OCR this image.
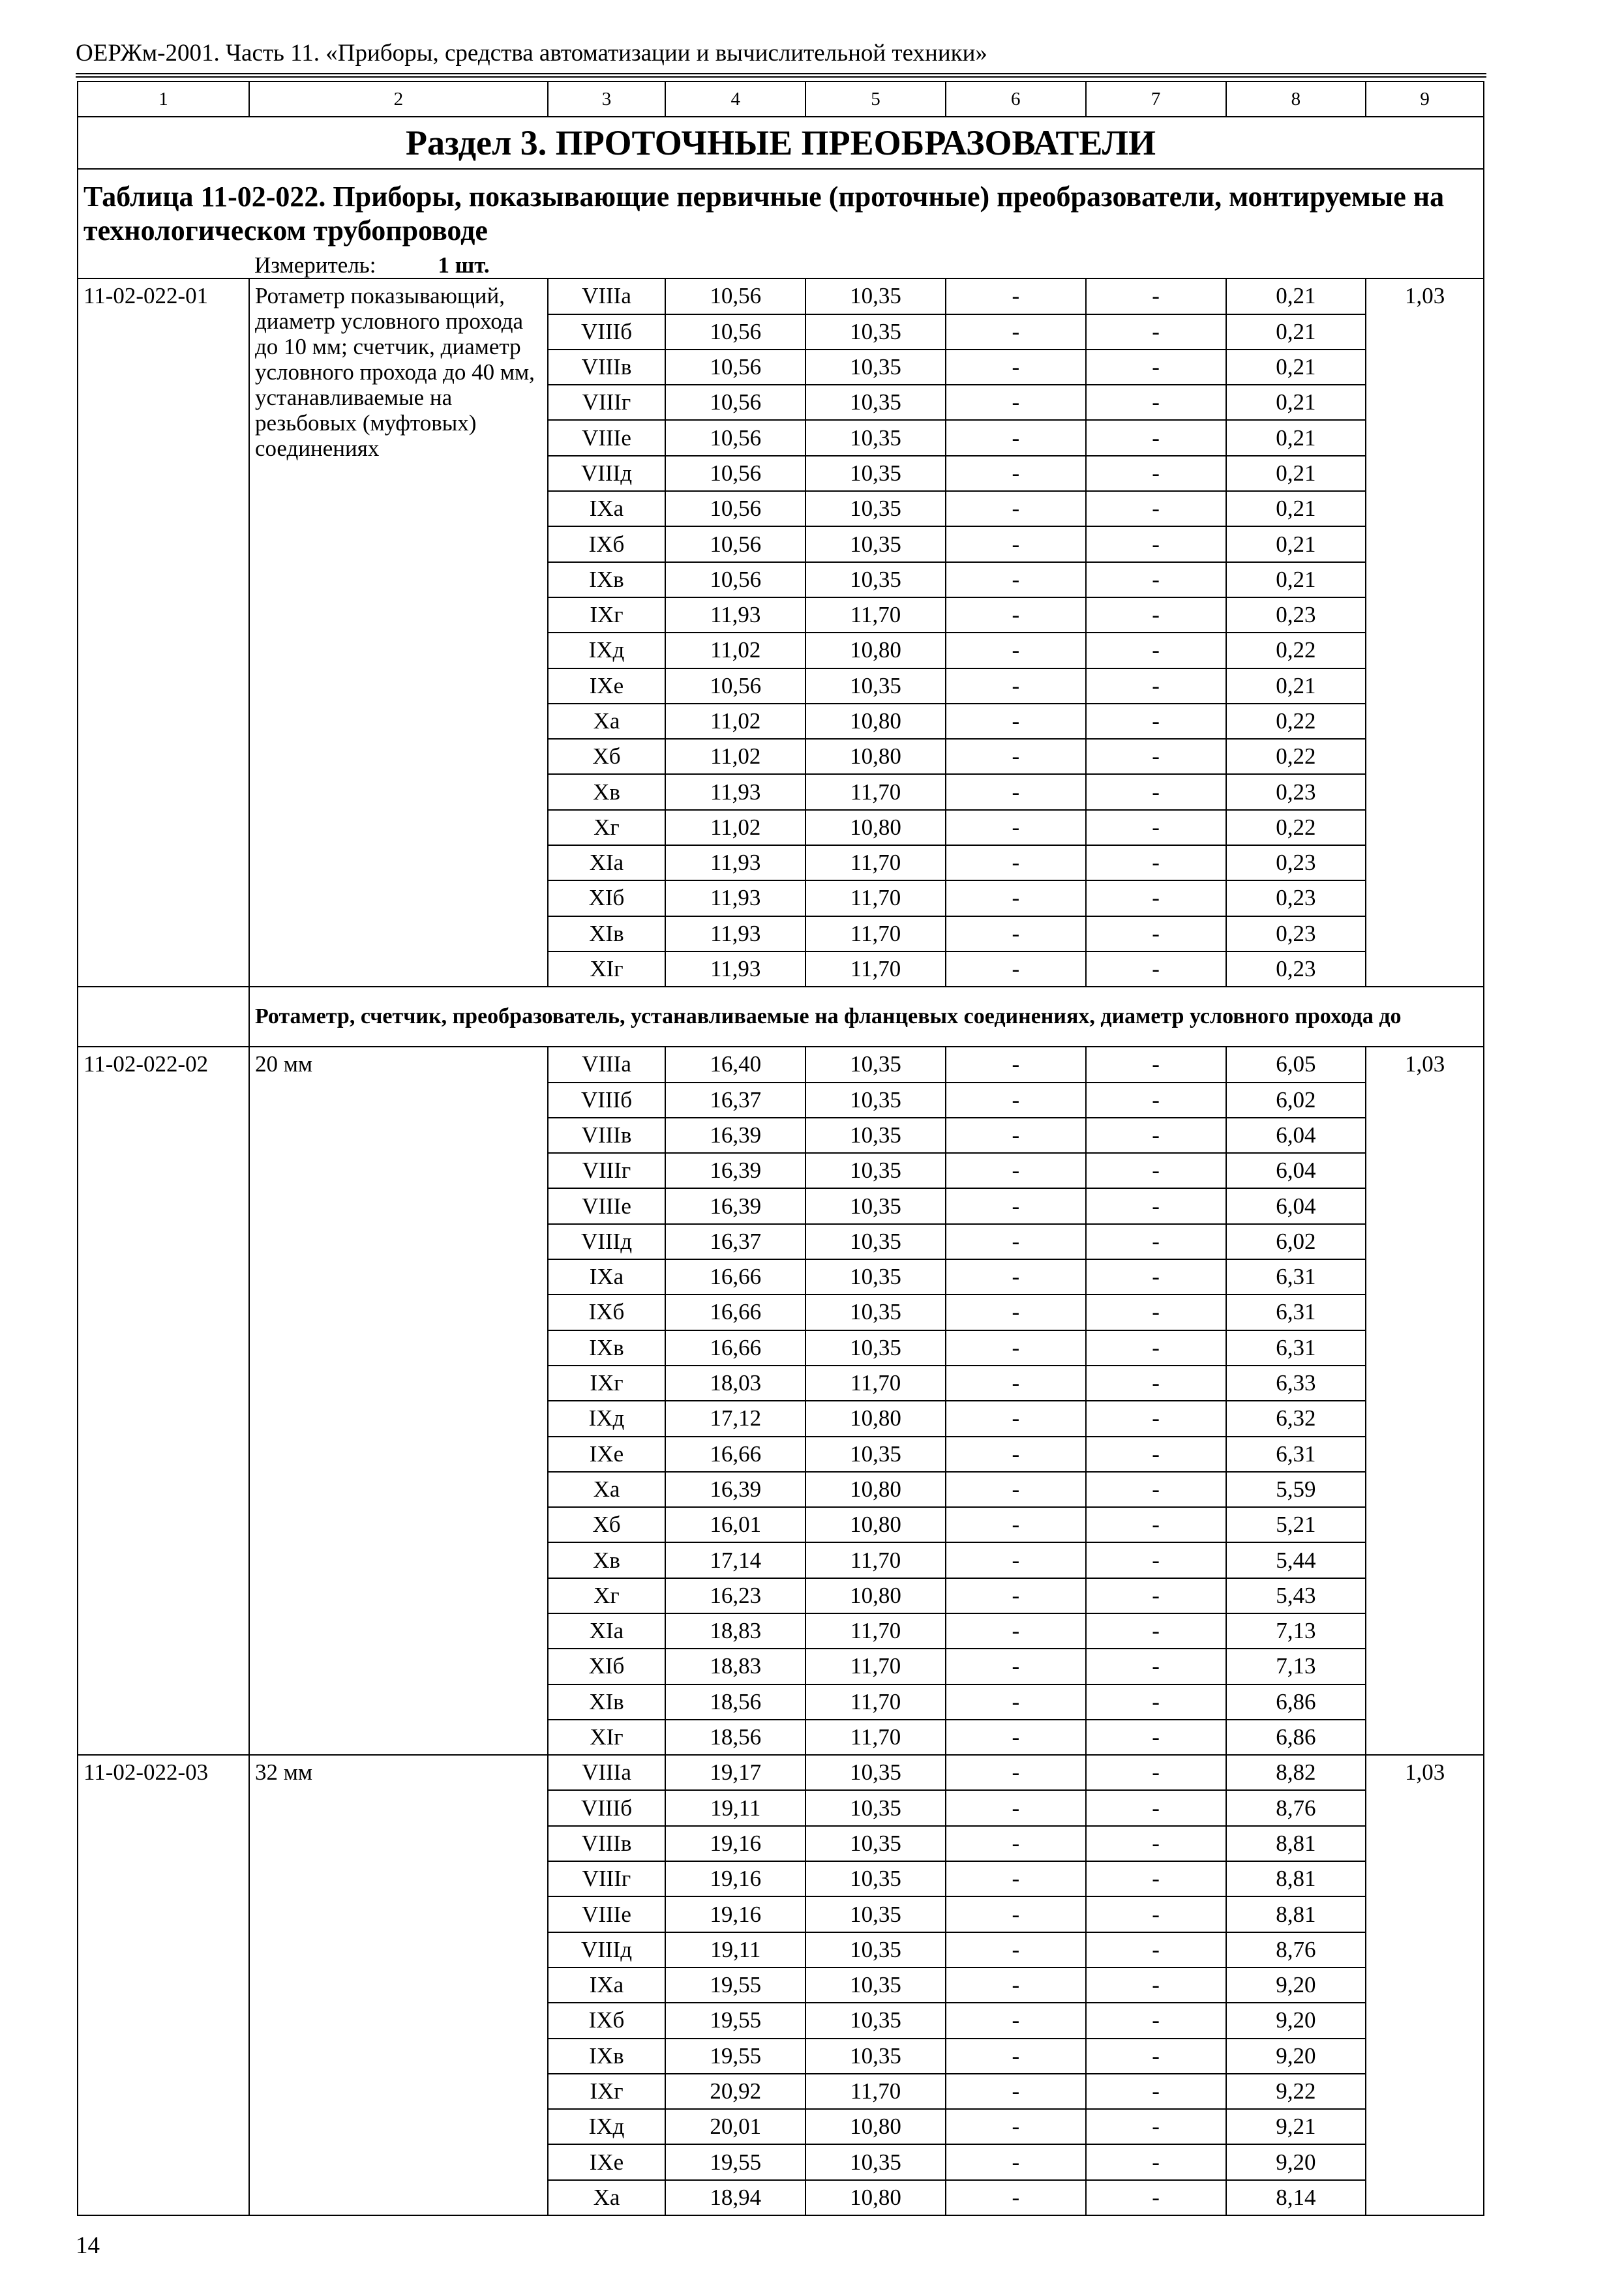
ОЕРЖм-2001. Часть 11. «Приборы, средства автоматизации и вычислительной техники»
1	2	3	4	5	6	7	8	9
Раздел 3. ПРОТОЧНЫЕ ПРЕОБРАЗОВАТЕЛИ								
Таблица 11-02-022. Приборы, показывающие первичные (проточные) преобразователи, монтируемые на технологическом трубопроводе								
	Измеритель: 1 шт.							
11-02-022-01	Ротаметр показывающий, диаметр условного прохода до 10 мм; счетчик, диаметр условного прохода до 40 мм, устанавливаемые на резьбовых (муфтовых) соединениях	VIIIа	10,56	10,35	-	-	0,21	1,03
		VIIIб	10,56	10,35	-	-	0,21	
		VIIIв	10,56	10,35	-	-	0,21	
		VIIIг	10,56	10,35	-	-	0,21	
		VIIIе	10,56	10,35	-	-	0,21	
		VIIIд	10,56	10,35	-	-	0,21	
		IXа	10,56	10,35	-	-	0,21	
		IXб	10,56	10,35	-	-	0,21	
		IXв	10,56	10,35	-	-	0,21	
		IXг	11,93	11,70	-	-	0,23	
		IXд	11,02	10,80	-	-	0,22	
		IXе	10,56	10,35	-	-	0,21	
		Xа	11,02	10,80	-	-	0,22	
		Xб	11,02	10,80	-	-	0,22	
		Xв	11,93	11,70	-	-	0,23	
		Xг	11,02	10,80	-	-	0,22	
		XIа	11,93	11,70	-	-	0,23	
		XIб	11,93	11,70	-	-	0,23	
		XIв	11,93	11,70	-	-	0,23	
		XIг	11,93	11,70	-	-	0,23	
	Ротаметр, счетчик, преобразователь, устанавливаемые на фланцевых соединениях, диаметр условного прохода до							
11-02-022-02	20 мм	VIIIа	16,40	10,35	-	-	6,05	1,03
		VIIIб	16,37	10,35	-	-	6,02	
		VIIIв	16,39	10,35	-	-	6,04	
		VIIIг	16,39	10,35	-	-	6,04	
		VIIIе	16,39	10,35	-	-	6,04	
		VIIIд	16,37	10,35	-	-	6,02	
		IXа	16,66	10,35	-	-	6,31	
		IXб	16,66	10,35	-	-	6,31	
		IXв	16,66	10,35	-	-	6,31	
		IXг	18,03	11,70	-	-	6,33	
		IXд	17,12	10,80	-	-	6,32	
		IXе	16,66	10,35	-	-	6,31	
		Xа	16,39	10,80	-	-	5,59	
		Xб	16,01	10,80	-	-	5,21	
		Xв	17,14	11,70	-	-	5,44	
		Xг	16,23	10,80	-	-	5,43	
		XIа	18,83	11,70	-	-	7,13	
		XIб	18,83	11,70	-	-	7,13	
		XIв	18,56	11,70	-	-	6,86	
		XIг	18,56	11,70	-	-	6,86	
11-02-022-03	32 мм	VIIIа	19,17	10,35	-	-	8,82	1,03
		VIIIб	19,11	10,35	-	-	8,76	
		VIIIв	19,16	10,35	-	-	8,81	
		VIIIг	19,16	10,35	-	-	8,81	
		VIIIе	19,16	10,35	-	-	8,81	
		VIIIд	19,11	10,35	-	-	8,76	
		IXа	19,55	10,35	-	-	9,20	
		IXб	19,55	10,35	-	-	9,20	
		IXв	19,55	10,35	-	-	9,20	
		IXг	20,92	11,70	-	-	9,22	
		IXд	20,01	10,80	-	-	9,21	
		IXе	19,55	10,35	-	-	9,20	
		Xа	18,94	10,80	-	-	8,14	
14
